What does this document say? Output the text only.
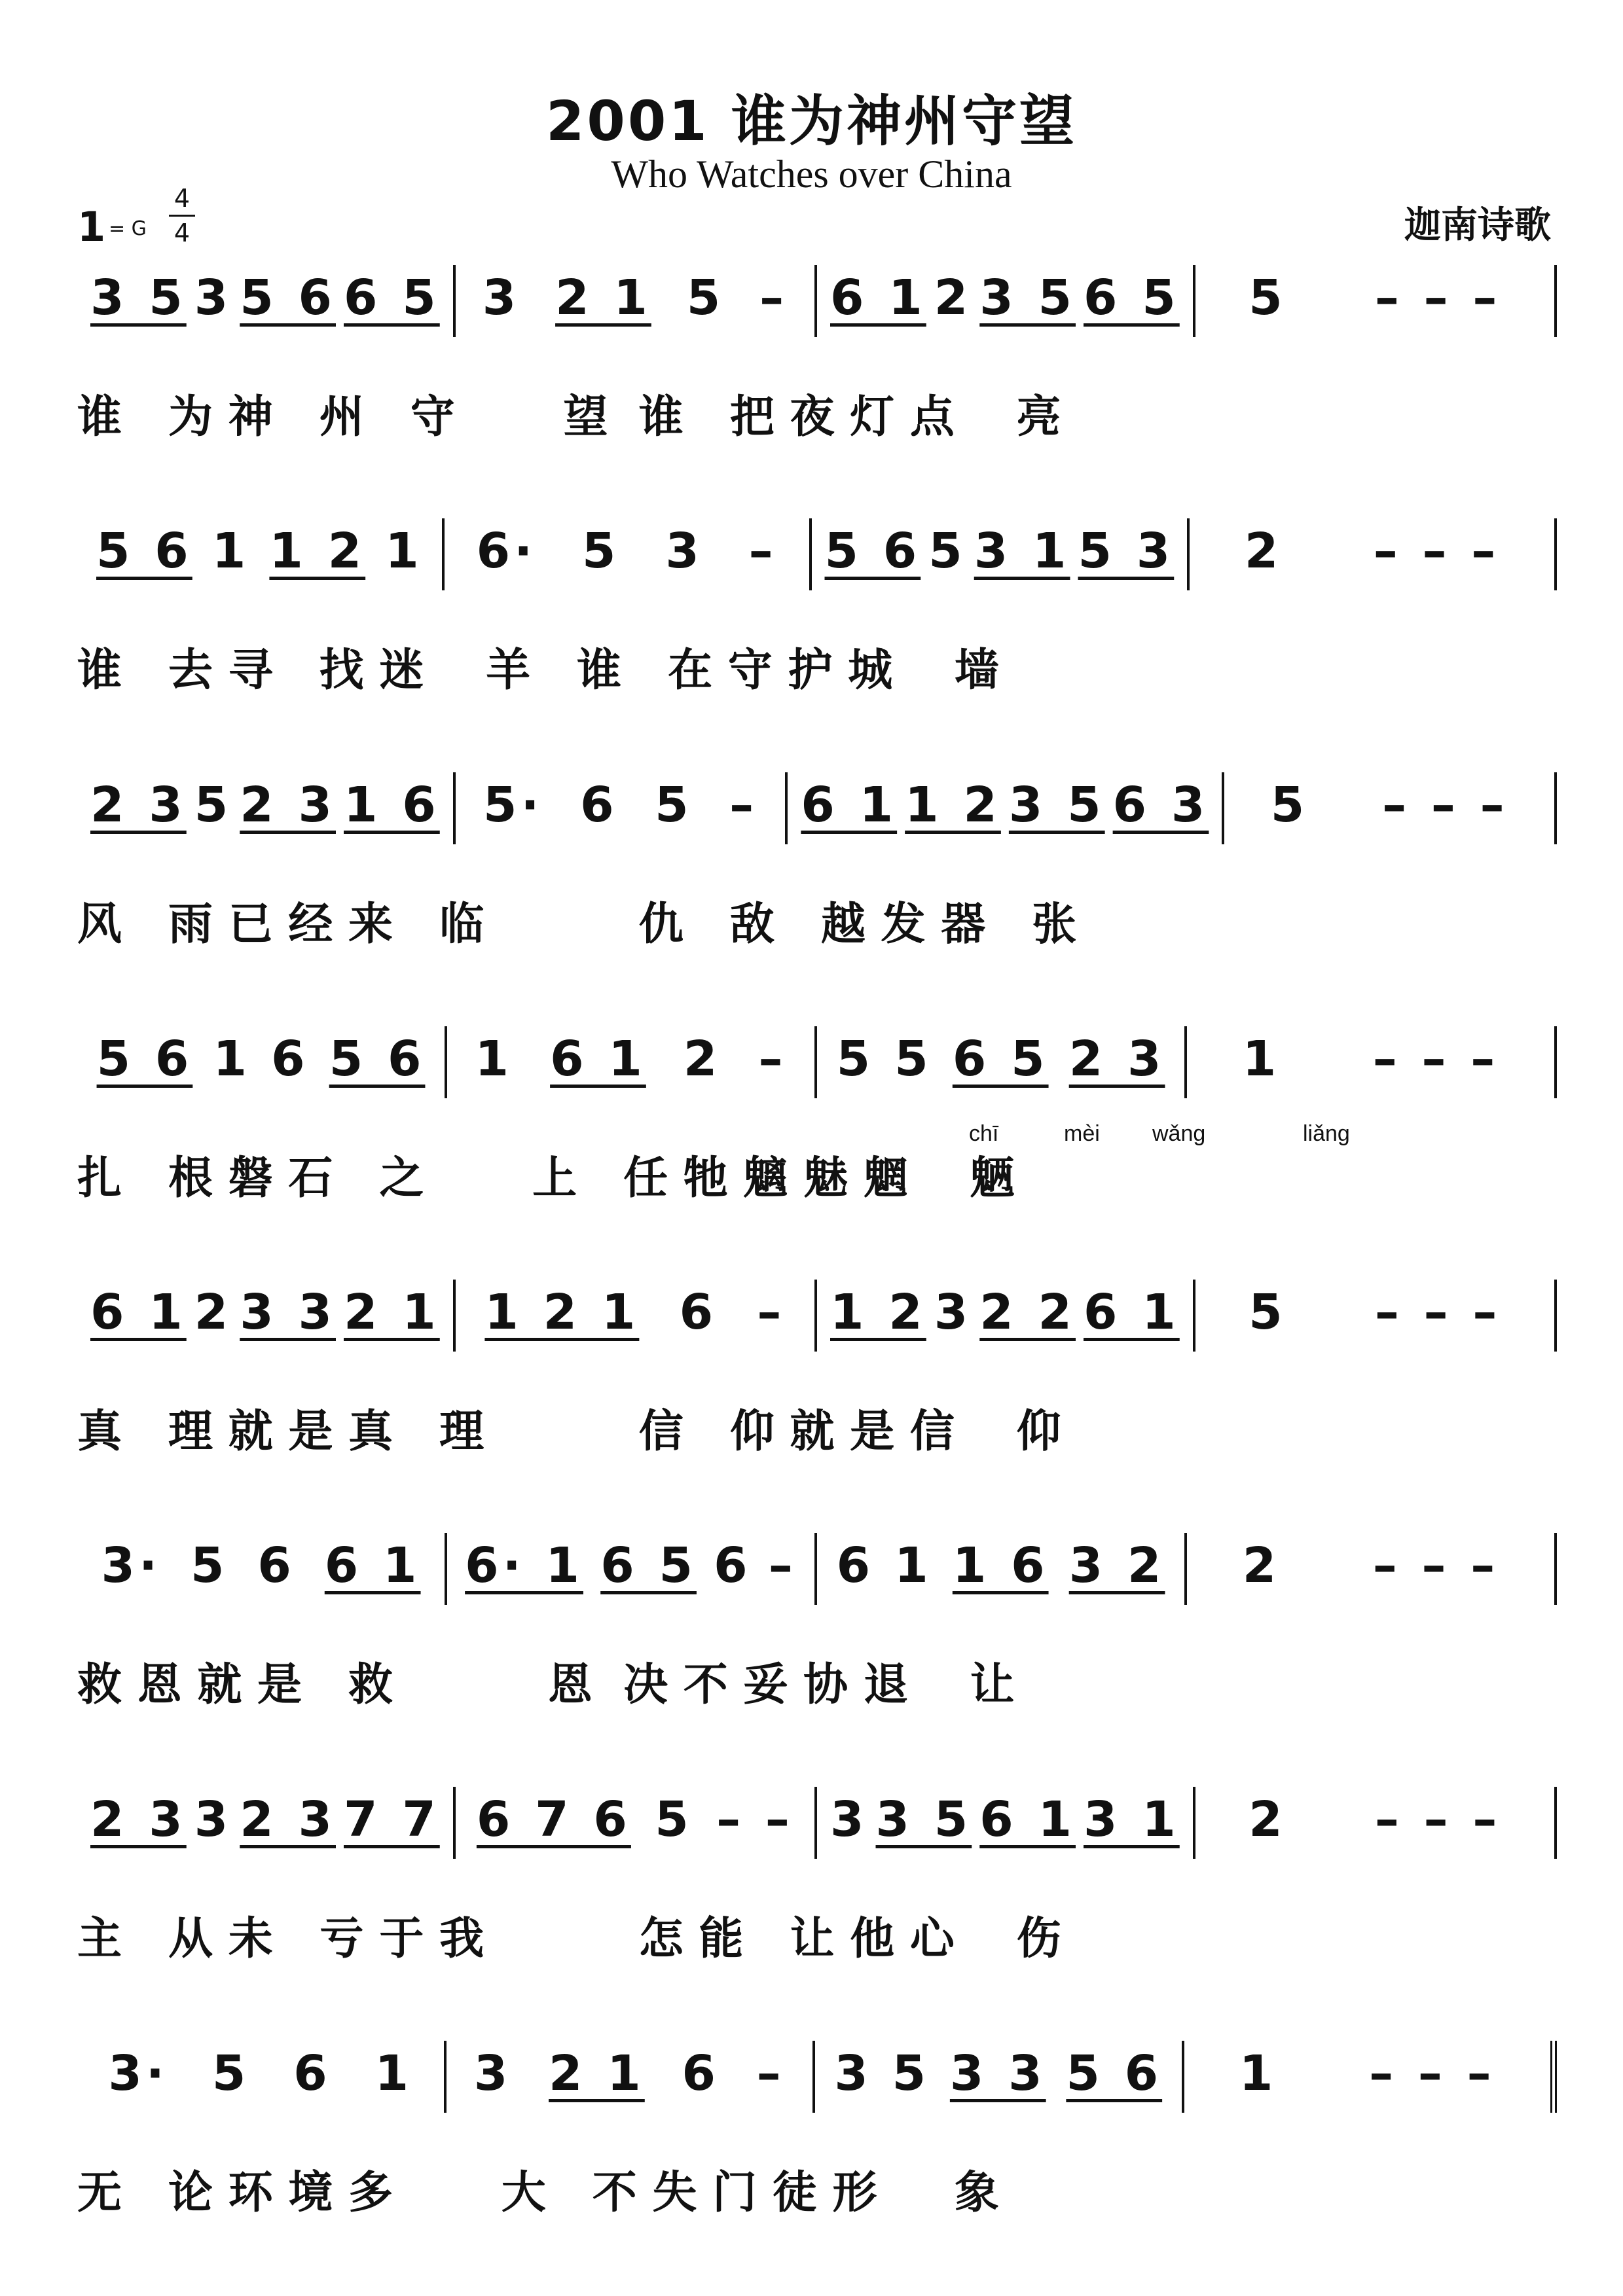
2001 谁为神州守望
Who Watches over China
1 = G
4
4	迦南诗歌
3 5 3 5 6 6 5 3 2 1 5 – 6 1 2 3 5 6 5 5 – – –
谁   为 神   州   守       望  谁   把 夜 灯 点    亮
5 6 1 1 2 1 6· 5 3 – 5 6 5 3 1 5 3 2 – – –
谁   去 寻   找 迷    羊   谁   在 守 护 城    墙
2 3 5 2 3 1 6 5· 6 5 – 6 1 1 2 3 5 6 3 5 – – –
风   雨 已 经 来   临          仇   敌   越 发 器   张
5 6 1 6 5 6 1 6 1 2 – 5 5 6 5 2 3 1 – – –
chī	mèi wǎng	liǎng
扎   根 磐 石   之       上   任 牠 魑 魅 魍    魉
6 1 2 3 3 2 1 1 2 1 6 – 1 2 3 2 2 6 1 5 – – –
真   理 就 是 真   理          信   仰 就 是 信    仰
3· 5 6 6 1 6· 1 6 5 6 – 6 1 1 6 3 2 2 – – –
救 恩 就 是   救          恩  决 不 妥 协 退    让
2 3 3 2 3 7 7 6 7 6 5 – – 3 3 5 6 1 3 1 2 – – –
主   从 未   亏 于 我          怎 能   让 他 心    伤
3· 5 6 1 3 2 1 6 – 3 5 3 3 5 6 1 – – –
无   论 环 境 多       大   不 失 门 徒 形     象
